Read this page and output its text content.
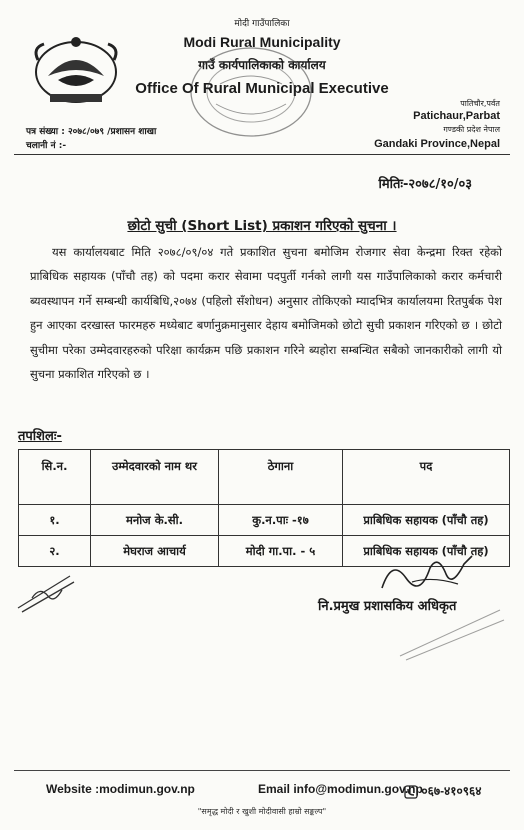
मोदी गाउँपालिका
Modi Rural Municipality
गाउँ कार्यपालिकाको कार्यालय
Office Of Rural Municipal Executive
पातिचौर,पर्वत
Patichaur,Parbat
गण्डकी प्रदेश नेपाल
Gandaki Province,Nepal
पत्र संख्या : २०७८/०७९ /प्रशासन शाखा
चलानी नं :-
मितिः-२०७८/१०/०३
छोटो सुची (Short List) प्रकाशन गरिएको सुचना ।
यस कार्यालयबाट मिति २०७८/०९/०४ गते प्रकाशित सुचना बमोजिम रोजगार सेवा केन्द्रमा रिक्त रहेको प्राबिधिक सहायक (पाँचौ तह) को पदमा करार सेवामा पदपुर्ती गर्नको लागी यस गाउँपालिकाको करार कर्मचारी ब्यवस्थापन गर्ने सम्बन्धी कार्यबिधि,२०७४ (पहिलो सँशोधन) अनुसार तोकिएको म्यादभित्र कार्यालयमा रितपुर्बक पेश हुन आएका दरखास्त फारमहरु मध्येबाट बर्णानुक्रमानुसार देहाय बमोजिमको छोटो सुची प्रकाशन गरिएको छ । छोटो सुचीमा परेका उम्मेदवारहरुको परिक्षा कार्यक्रम पछि प्रकाशन गरिने ब्यहोरा सम्बन्धित सबैको जानकारीको लागी यो सुचना प्रकाशित गरिएको छ ।
तपशिलः-
सि.न.	उम्मेदवारको नाम थर	ठेगाना	पद
१.	मनोज के.सी.	कु.न.पाः -१७	प्राबिधिक सहायक (पाँचौ तह)
२.	मेघराज आचार्य	मोदी गा.पा. - ५	प्राबिधिक सहायक (पाँचौ तह)
नि.प्रमुख प्रशासकिय अधिकृत
Website :modimun.gov.np	Email info@modimun.gov.np
०६७-४१०९६४
"समृद्ध मोदी र खुशी मोदीवासी हाम्रो सङ्कल्प"
